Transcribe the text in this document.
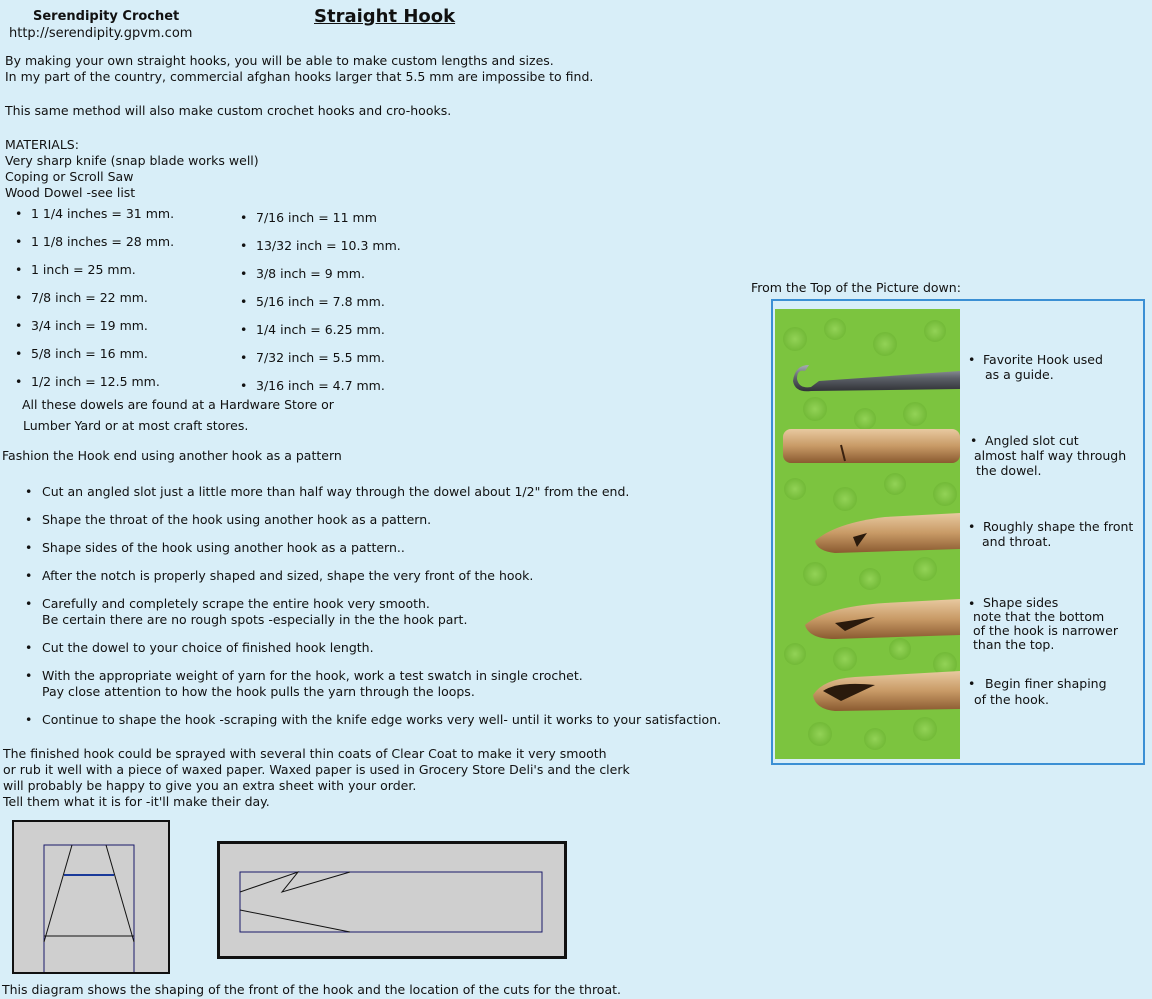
Serendipity Crochet
http://serendipity.gpvm.com
Straight Hook
By making your own straight hooks, you will be able to make custom lengths and sizes.
In my part of the country, commercial afghan hooks larger that 5.5 mm are impossibe to find.
This same method will also make custom crochet hooks and cro-hooks.
MATERIALS:
Very sharp knife (snap blade works well)
Coping or Scroll Saw
Wood Dowel -see list
• 1 1/4 inches = 31 mm.
• 1 1/8 inches = 28 mm.
• 1 inch = 25 mm.
• 7/8 inch = 22 mm.
• 3/4 inch = 19 mm.
• 5/8 inch = 16 mm.
• 1/2 inch = 12.5 mm.
• 7/16 inch = 11 mm
• 13/32 inch = 10.3 mm.
• 3/8 inch = 9 mm.
• 5/16 inch = 7.8 mm.
• 1/4 inch = 6.25 mm.
• 7/32 inch = 5.5 mm.
• 3/16 inch = 4.7 mm.
All these dowels are found at a Hardware Store or
Lumber Yard or at most craft stores.
Fashion the Hook end using another hook as a pattern
• Cut an angled slot just a little more than half way through the dowel about 1/2" from the end.
• Shape the throat of the hook using another hook as a pattern.
• Shape sides of the hook using another hook as a pattern..
• After the notch is properly shaped and sized, shape the very front of the hook.
• Carefully and completely scrape the entire hook very smooth.
Be certain there are no rough spots -especially in the the hook part.
• Cut the dowel to your choice of finished hook length.
• With the appropriate weight of yarn for the hook, work a test swatch in single crochet.
Pay close attention to how the hook pulls the yarn through the loops.
• Continue to shape the hook -scraping with the knife edge works very well- until it works to your satisfaction.
The finished hook could be sprayed with several thin coats of Clear Coat to make it very smooth
or rub it well with a piece of waxed paper. Waxed paper is used in Grocery Store Deli's and the clerk
will probably be happy to give you an extra sheet with your order.
Tell them what it is for -it'll make their day.
From the Top of the Picture down:
• Favorite Hook used
as a guide.
• Angled slot cut
almost half way through
the dowel.
• Roughly shape the front
and throat.
• Shape sides
note that the bottom
of the hook is narrower
than the top.
• Begin finer shaping
of the hook.
This diagram shows the shaping of the front of the hook and the location of the cuts for the throat.
